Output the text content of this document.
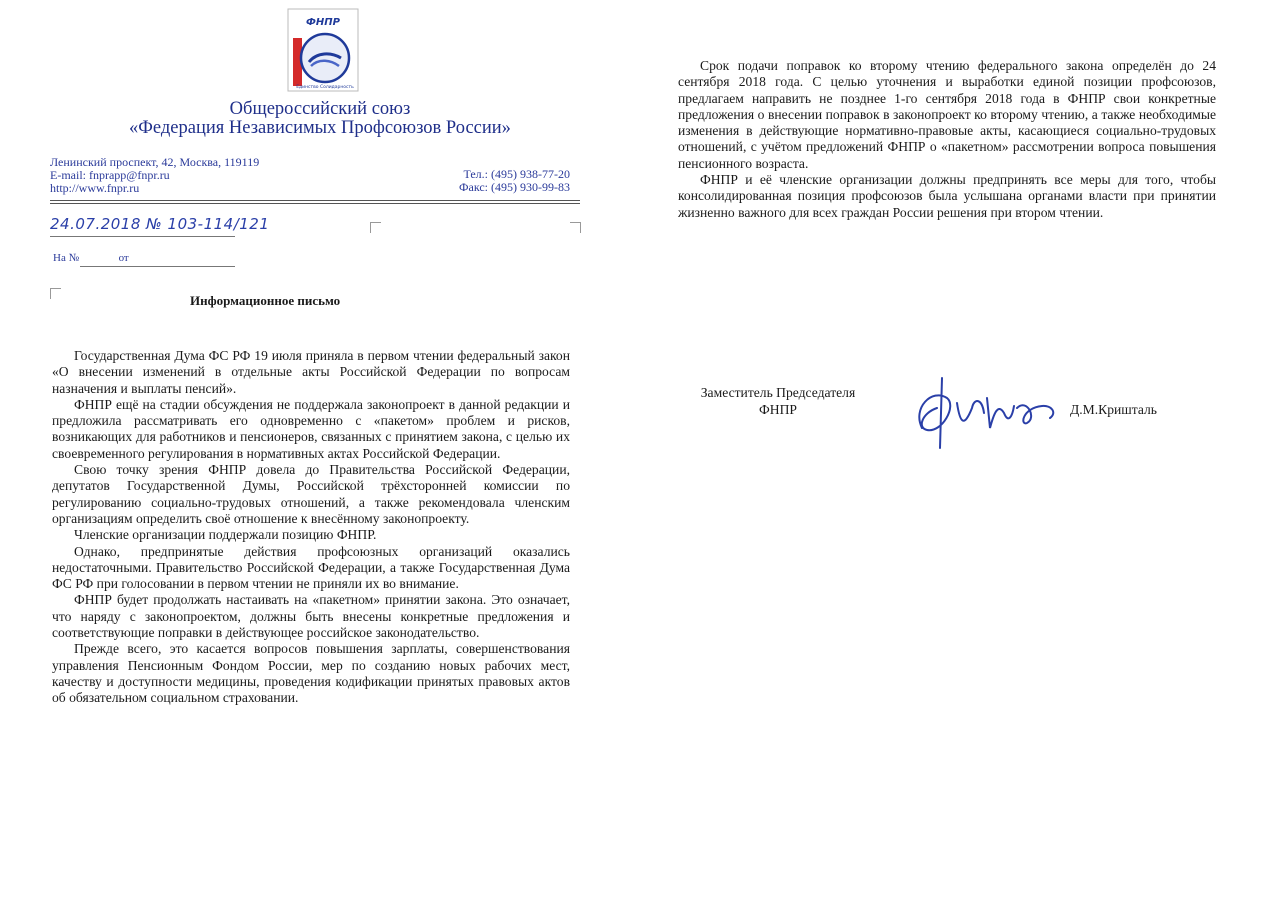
ФНПР
Единство Солидарность
Общероссийский союз
«Федерация Независимых Профсоюзов России»
Ленинский проспект, 42, Москва, 119119
E-mail: fnprapp@fnpr.ru
http://www.fnpr.ru
Тел.: (495) 938-77-20
Факс: (495) 930-99-83
24.07.2018 № 103-114/121
На №	от
Информационное письмо

Государственная Дума ФС РФ 19 июля приняла в первом чтении федеральный закон «О внесении изменений в отдельные акты Российской Федерации по вопросам назначения и выплаты пенсий».

ФНПР ещё на стадии обсуждения не поддержала законопроект в данной редакции и предложила рассматривать его одновременно с «пакетом» проблем и рисков, возникающих для работников и пенсионеров, связанных с принятием закона, с целью их своевременного регулирования в нормативных актах Российской Федерации.

Свою точку зрения ФНПР довела до Правительства Российской Федерации, депутатов Государственной Думы, Российской трёхсторонней комиссии по регулированию социально-трудовых отношений, а также рекомендовала членским организациям определить своё отношение к внесённому законопроекту.

Членские организации поддержали позицию ФНПР.

Однако, предпринятые действия профсоюзных организаций оказались недостаточными. Правительство Российской Федерации, а также Государственная Дума ФС РФ при голосовании в первом чтении не приняли их во внимание.

ФНПР будет продолжать настаивать на «пакетном» принятии закона. Это означает, что наряду с законопроектом, должны быть внесены конкретные предложения и соответствующие поправки в действующее российское законодательство.

Прежде всего, это касается вопросов повышения зарплаты, совершенствования управления Пенсионным Фондом России, мер по созданию новых рабочих мест, качеству и доступности медицины, проведения кодификации принятых правовых актов об обязательном социальном страховании.

Срок подачи поправок ко второму чтению федерального закона определён до 24 сентября 2018 года. С целью уточнения и выработки единой позиции профсоюзов, предлагаем направить не позднее 1-го сентября 2018 года в ФНПР свои конкретные предложения о внесении поправок в законопроект ко второму чтению, а также необходимые изменения в действующие нормативно-правовые акты, касающиеся социально-трудовых отношений, с учётом предложений ФНПР о «пакетном» рассмотрении вопроса повышения пенсионного возраста.

ФНПР и её членские организации должны предпринять все меры для того, чтобы консолидированная позиция профсоюзов была услышана органами власти при принятии жизненно важного для всех граждан России решения при втором чтении.

Заместитель Председателя
ФНПР	Д.М.Кришталь
